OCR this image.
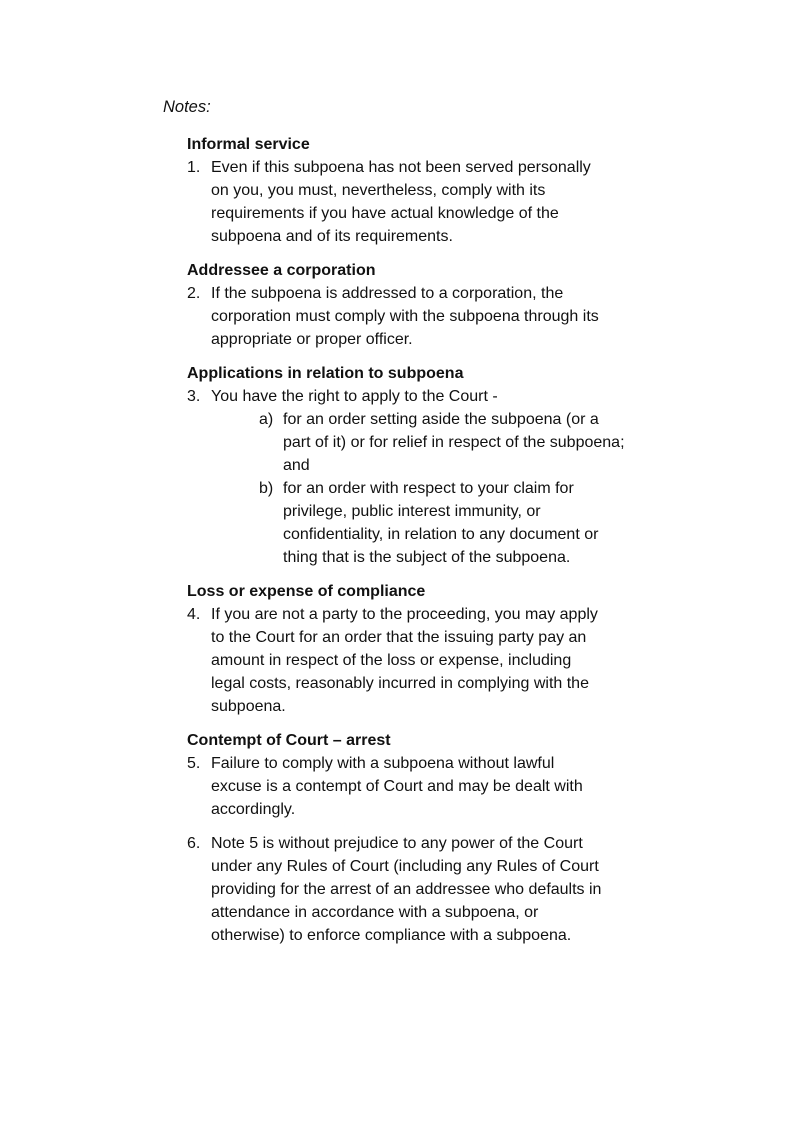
Notes:
Informal service
1. Even if this subpoena has not been served personally
on you, you must, nevertheless, comply with its
requirements if you have actual knowledge of the
subpoena and of its requirements.
Addressee a corporation
2. If the subpoena is addressed to a corporation, the
corporation must comply with the subpoena through its
appropriate or proper officer.
Applications in relation to subpoena
3. You have the right to apply to the Court -
a) for an order setting aside the subpoena (or a
part of it) or for relief in respect of the subpoena;
and
b) for an order with respect to your claim for
privilege, public interest immunity, or
confidentiality, in relation to any document or
thing that is the subject of the subpoena.
Loss or expense of compliance
4. If you are not a party to the proceeding, you may apply
to the Court for an order that the issuing party pay an
amount in respect of the loss or expense, including
legal costs, reasonably incurred in complying with the
subpoena.
Contempt of Court – arrest
5. Failure to comply with a subpoena without lawful
excuse is a contempt of Court and may be dealt with
accordingly.
6. Note 5 is without prejudice to any power of the Court
under any Rules of Court (including any Rules of Court
providing for the arrest of an addressee who defaults in
attendance in accordance with a subpoena, or
otherwise) to enforce compliance with a subpoena.
